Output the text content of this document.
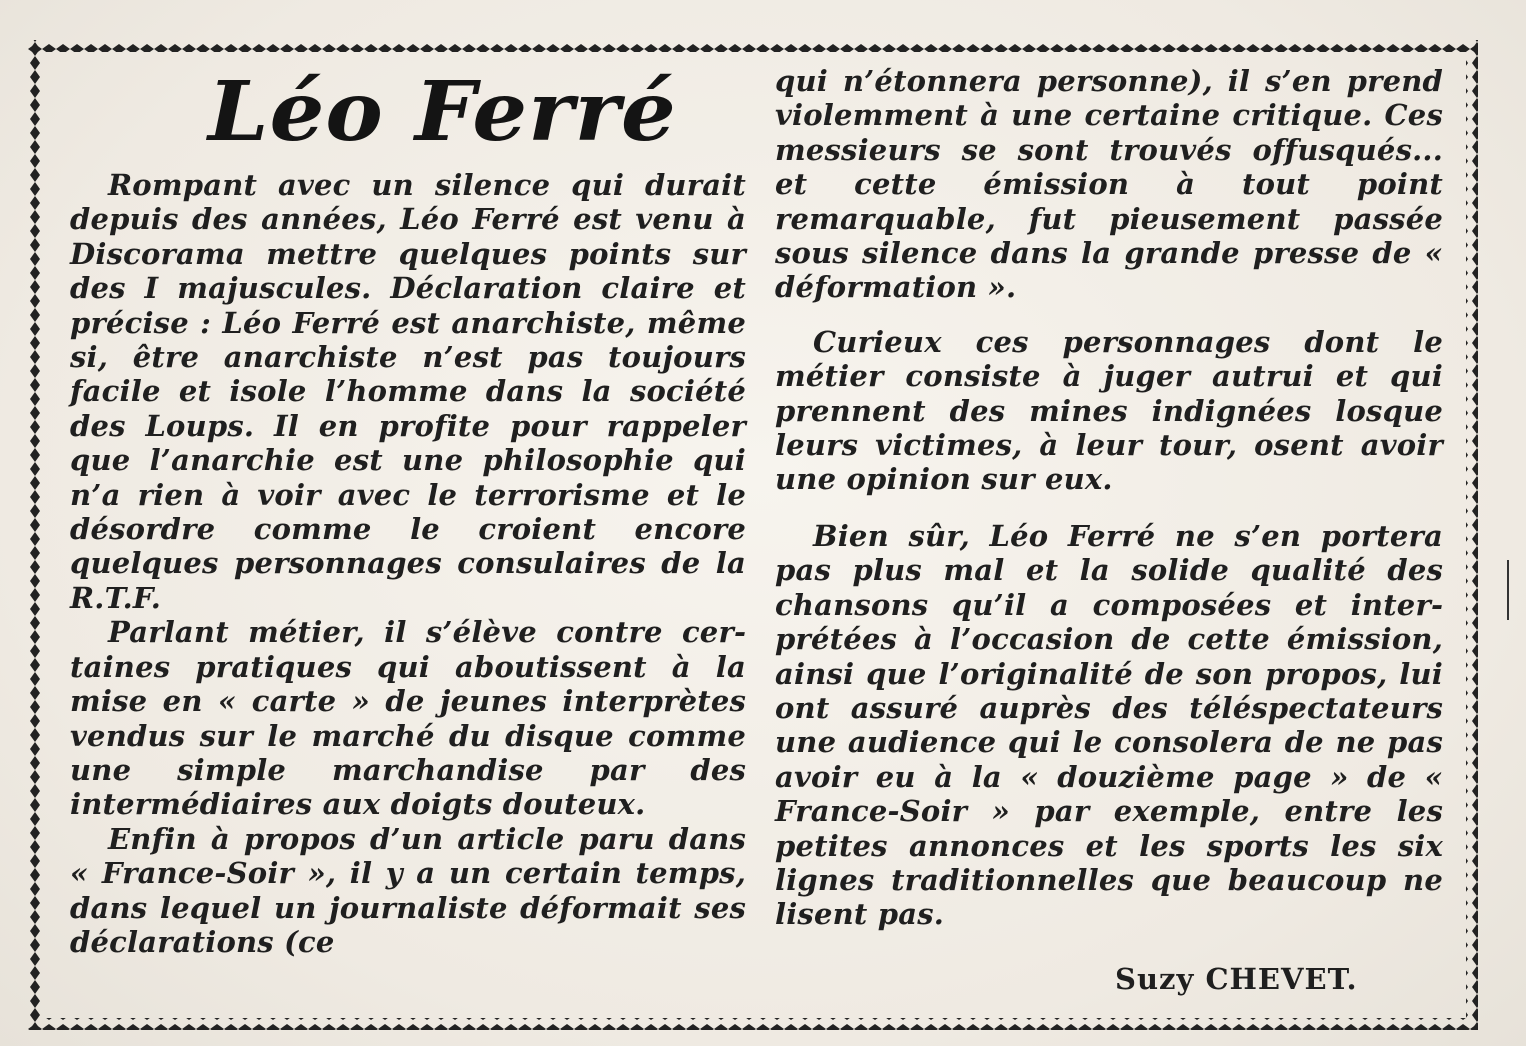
Léo Ferré

Rompant avec un silence qui durait depuis des années, Léo Ferré est venu à Discorama mettre quelques points sur des I majuscules. Déclaration claire et précise : Léo Ferré est anarchiste, même si, être anarchiste n’est pas toujours facile et isole l’homme dans la société des Loups. Il en profite pour rappeler que l’anarchie est une philosophie qui n’a rien à voir avec le terrorisme et le désordre comme le croient encore quelques personnages consulaires de la R.T.F.

Parlant métier, il s’élève contre certaines pratiques qui aboutissent à la mise en « carte » de jeunes interprètes vendus sur le marché du disque comme une simple marchandise par des intermédiaires aux doigts douteux.

Enfin à propos d’un article paru dans « France-Soir », il y a un certain temps, dans lequel un journaliste déformait ses déclarations (ce

qui n’étonnera personne), il s’en prend violemment à une certaine critique. Ces messieurs se sont trouvés offusqués... et cette émission à tout point remarquable, fut pieusement passée sous silence dans la grande presse de « déformation ».

Curieux ces personnages dont le métier consiste à juger autrui et qui prennent des mines indignées losque leurs victimes, à leur tour, osent avoir une opinion sur eux.

Bien sûr, Léo Ferré ne s’en portera pas plus mal et la solide qualité des chansons qu’il a composées et interprétées à l’occasion de cette émission, ainsi que l’originalité de son propos, lui ont assuré auprès des téléspectateurs une audience qui le consolera de ne pas avoir eu à la « douzième page » de « France-Soir » par exemple, entre les petites annonces et les sports les six lignes traditionnelles que beaucoup ne lisent pas.

Suzy CHEVET.
